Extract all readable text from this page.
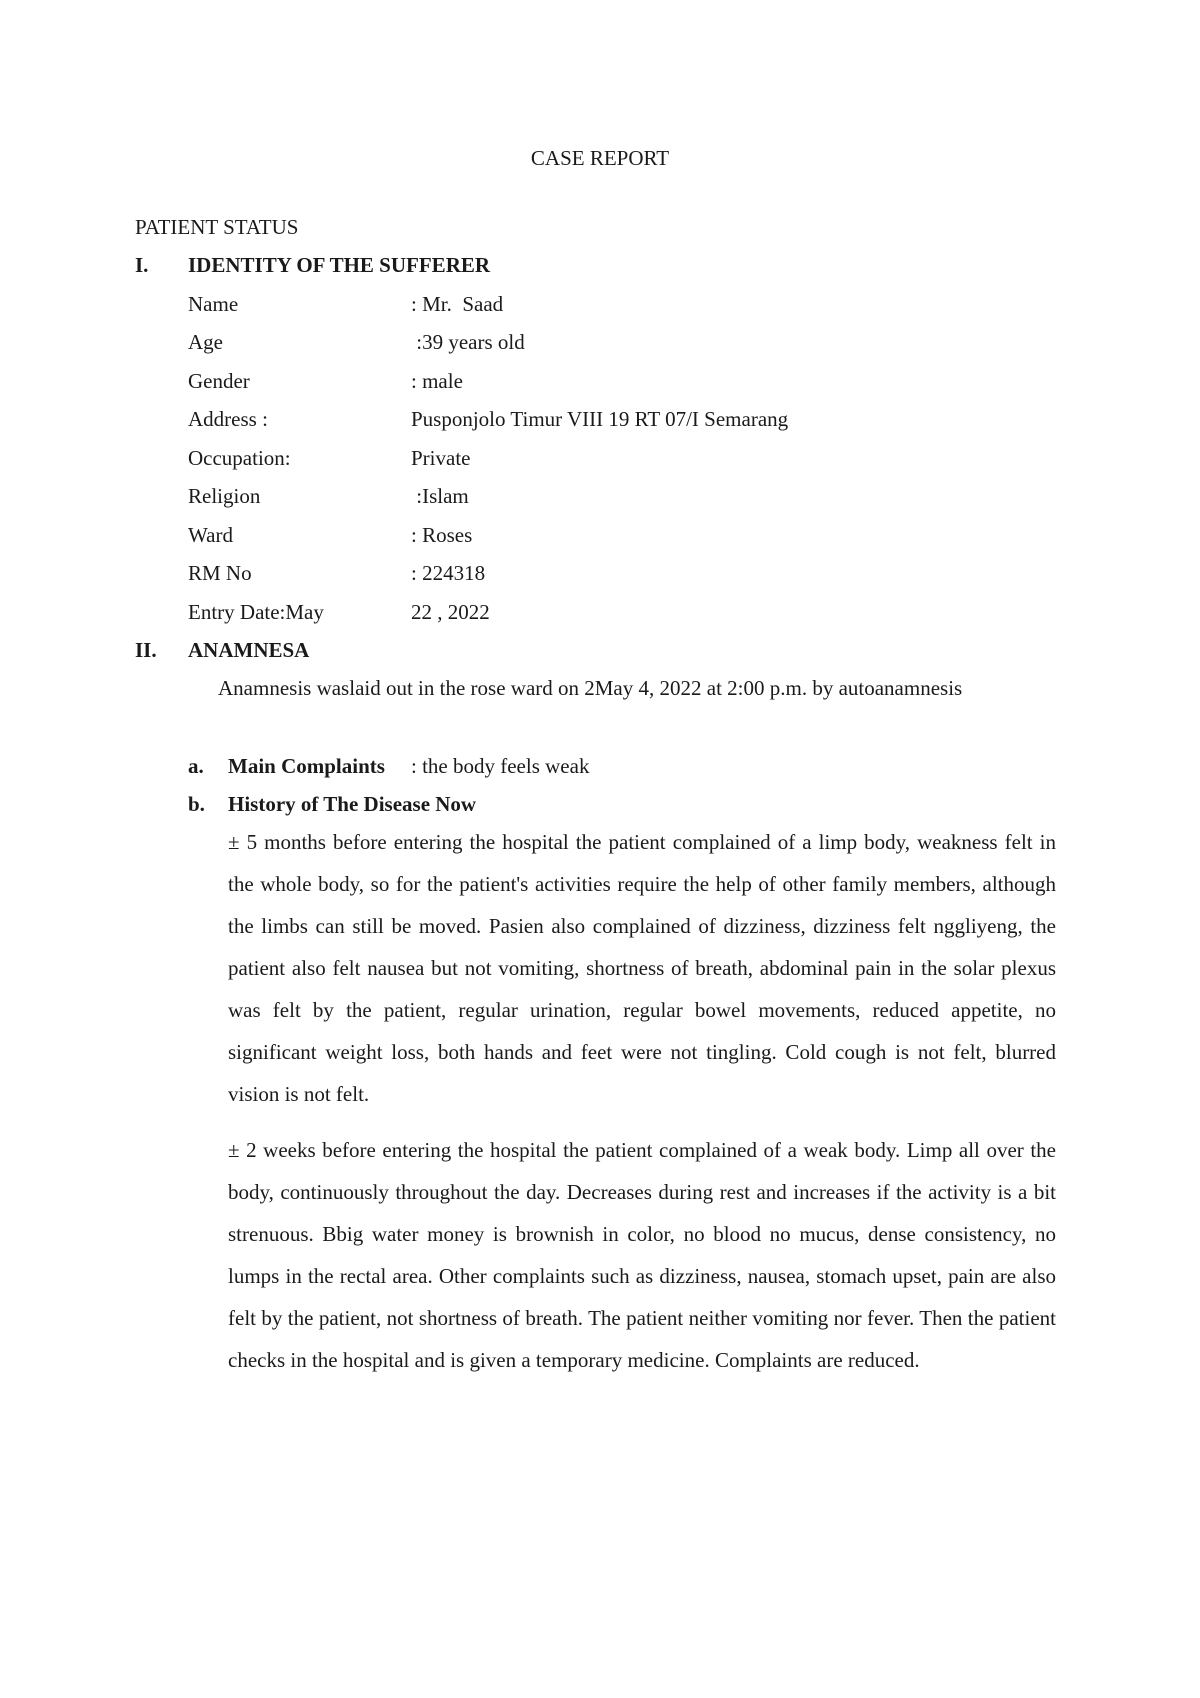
CASE REPORT
PATIENT STATUS
I. IDENTITY OF THE SUFFERER
Name	: Mr.  Saad
Age	:39 years old
Gender	: male
Address :	Pusponjolo Timur VIII 19 RT 07/I Semarang
Occupation:	Private
Religion	:Islam
Ward	: Roses
RM No	: 224318
Entry Date:May	22 , 2022
II. ANAMNESA
Anamnesis waslaid out in the rose ward on 2May 4, 2022 at 2:00 p.m. by autoanamnesis
a. Main Complaints : the body feels weak
b. History of The Disease Now
± 5 months before entering the hospital the patient complained of a limp body, weakness felt in the whole body, so for the patient's activities require the help of other family members, although the limbs can still be moved. Pasien also complained of dizziness, dizziness felt nggliyeng, the patient also felt nausea but not vomiting, shortness of breath, abdominal pain in the solar plexus was felt by the patient, regular urination, regular bowel movements, reduced appetite, no significant weight loss, both hands and feet were not tingling. Cold cough is not felt, blurred vision is not felt.
± 2 weeks before entering the hospital the patient complained of a weak body. Limp all over the body, continuously throughout the day. Decreases during rest and increases if the activity is a bit strenuous. Bbig water money is brownish in color, no blood no mucus, dense consistency, no lumps in the rectal area. Other complaints such as dizziness, nausea, stomach upset, pain are also felt by the patient, not shortness of breath. The patient neither vomiting nor fever. Then the patient checks in the hospital and is given a temporary medicine. Complaints are reduced.
